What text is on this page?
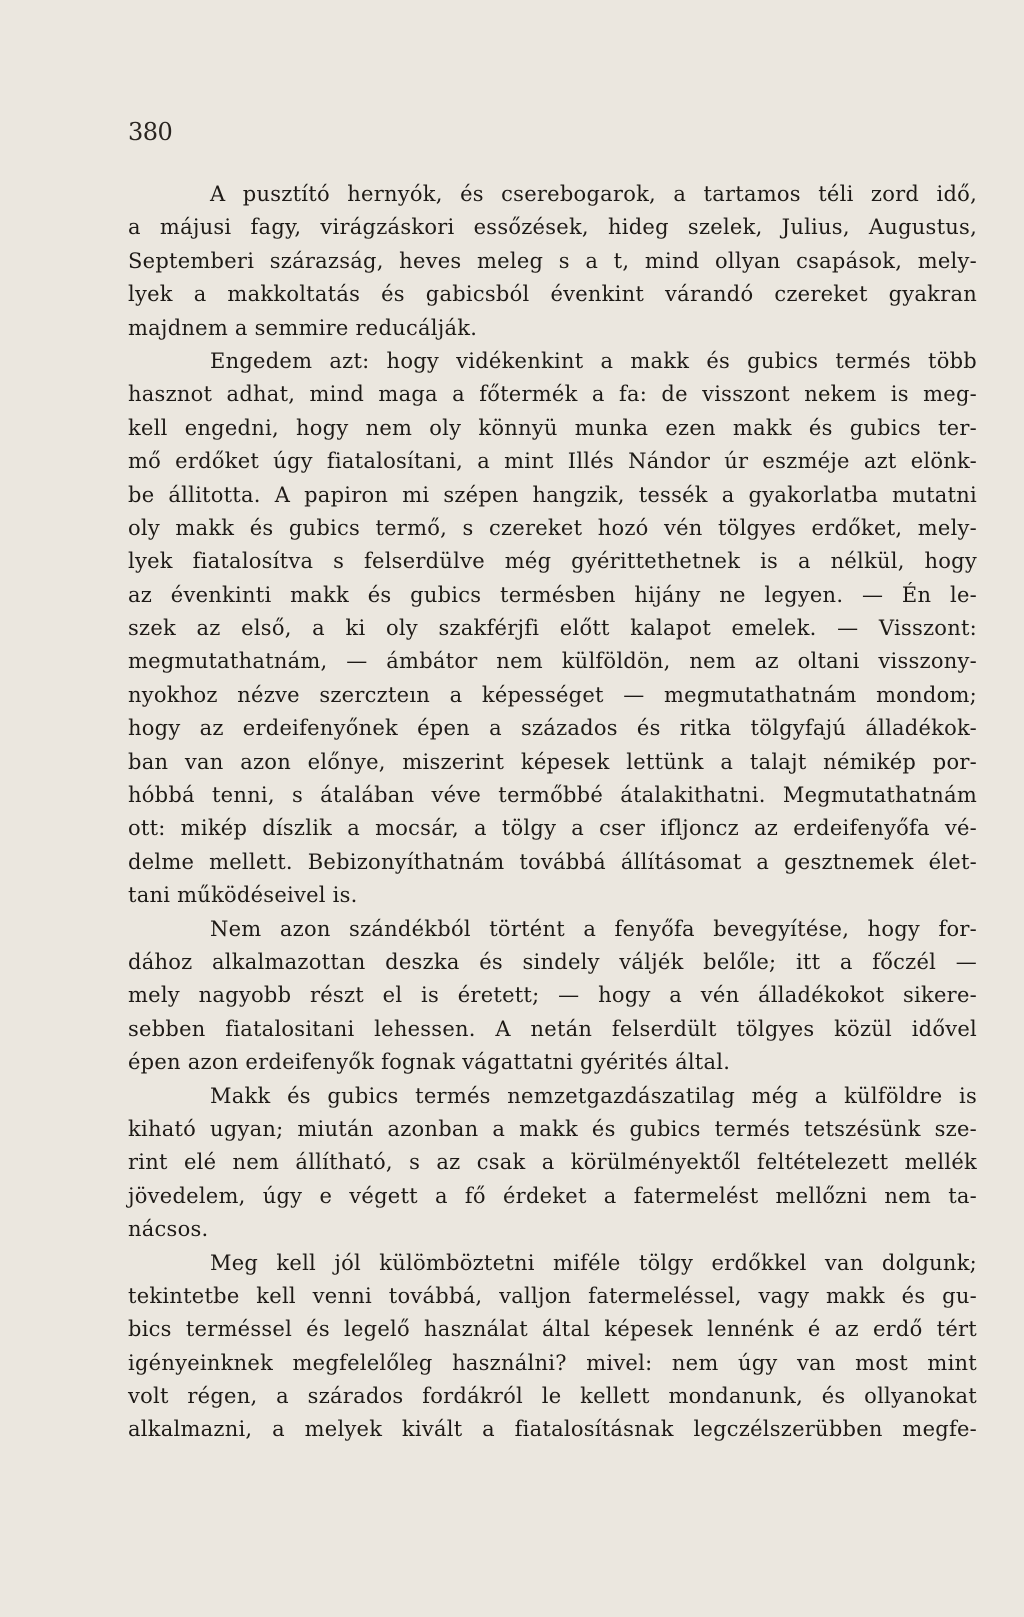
380
A pusztító hernyók, és cserebogarok, a tartamos téli zord idő,
a májusi fagy, virágzáskori essőzések, hideg szelek, Julius, Augustus,
Septemberi szárazság, heves meleg s a t, mind ollyan csapások, mely-
lyek a makkoltatás és gabicsból évenkint várandó czereket gyakran
majdnem a semmire reducálják.
Engedem azt: hogy vidékenkint a makk és gubics termés több
hasznot adhat, mind maga a főtermék a fa: de visszont nekem is meg-
kell engedni, hogy nem oly könnyü munka ezen makk és gubics ter-
mő erdőket úgy fiatalosítani, a mint Illés Nándor úr eszméje azt elönk-
be állitotta. A papiron mi szépen hangzik, tessék a gyakorlatba mutatni
oly makk és gubics termő, s czereket hozó vén tölgyes erdőket, mely-
lyek fiatalosítva s felserdülve még gyérittethetnek is a nélkül, hogy
az évenkinti makk és gubics termésben hijány ne legyen. — Én le-
szek az első, a ki oly szakférjfi előtt kalapot emelek. — Visszont:
megmutathatnám, — ámbátor nem külföldön, nem az oltani visszony-
nyokhoz nézve szerczteın a képességet — megmutathatnám mondom;
hogy az erdeifenyőnek épen a százados és ritka tölgyfajú álladékok-
ban van azon előnye, miszerint képesek lettünk a talajt némikép por-
hóbbá tenni, s átalában véve termőbbé átalakithatni. Megmutathatnám
ott: mikép díszlik a mocsár, a tölgy a cser ifljoncz az erdeifenyőfa vé-
delme mellett. Bebizonyíthatnám továbbá állításomat a gesztnemek élet-
tani működéseivel is.
Nem azon szándékból történt a fenyőfa bevegyítése, hogy for-
dához alkalmazottan deszka és sindely váljék belőle; itt a főczél —
mely nagyobb részt el is éretett; — hogy a vén álladékokot sikere-
sebben fiatalositani lehessen. A netán felserdült tölgyes közül idővel
épen azon erdeifenyők fognak vágattatni gyérités által.
Makk és gubics termés nemzetgazdászatilag még a külföldre is
kiható ugyan; miután azonban a makk és gubics termés tetszésünk sze-
rint elé nem állítható, s az csak a körülményektől feltételezett mellék
jövedelem, úgy e végett a fő érdeket a fatermelést mellőzni nem ta-
nácsos.
Meg kell jól külömböztetni miféle tölgy erdőkkel van dolgunk;
tekintetbe kell venni továbbá, valljon fatermeléssel, vagy makk és gu-
bics terméssel és legelő használat által képesek lennénk é az erdő tért
igényeinknek megfelelőleg használni? mivel: nem úgy van most mint
volt régen, a szárados fordákról le kellett mondanunk, és ollyanokat
alkalmazni, a melyek kivált a fiatalosításnak legczélszerübben megfe-
